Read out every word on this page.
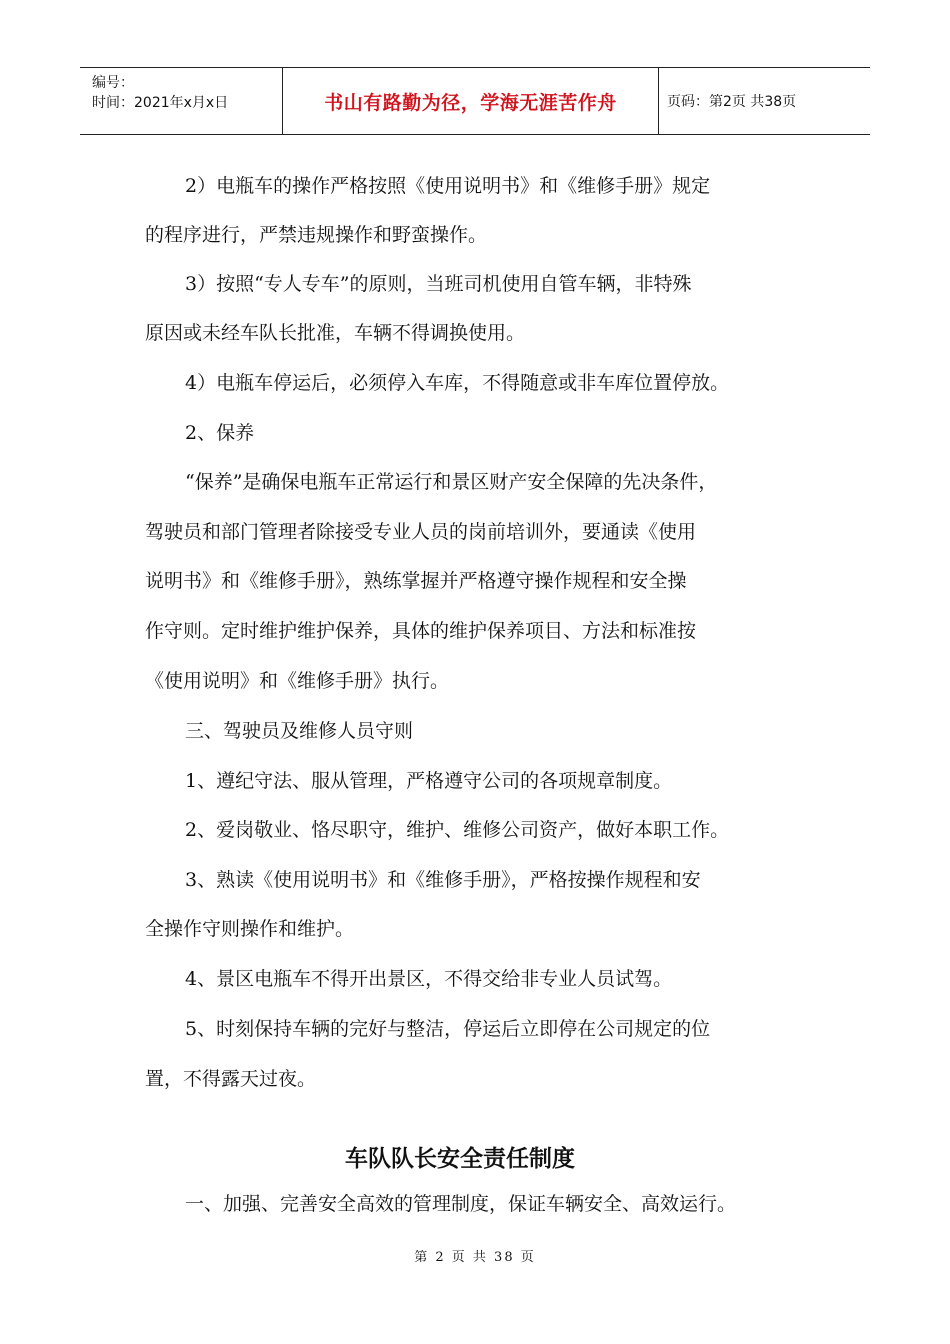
编号：
时间：2021年x月x日	书山有路勤为径，学海无涯苦作舟	页码：第2页 共38页
2）电瓶车的操作严格按照《使用说明书》和《维修手册》规定
的程序进行，严禁违规操作和野蛮操作。
3）按照“专人专车”的原则，当班司机使用自管车辆，非特殊
原因或未经车队长批准，车辆不得调换使用。
4）电瓶车停运后，必须停入车库，不得随意或非车库位置停放。
2、保养
“保养”是确保电瓶车正常运行和景区财产安全保障的先决条件，
驾驶员和部门管理者除接受专业人员的岗前培训外，要通读《使用
说明书》和《维修手册》，熟练掌握并严格遵守操作规程和安全操
作守则。定时维护维护保养，具体的维护保养项目、方法和标准按
《使用说明》和《维修手册》执行。
三、驾驶员及维修人员守则
1、遵纪守法、服从管理，严格遵守公司的各项规章制度。
2、爱岗敬业、恪尽职守，维护、维修公司资产，做好本职工作。
3、熟读《使用说明书》和《维修手册》，严格按操作规程和安
全操作守则操作和维护。
4、景区电瓶车不得开出景区，不得交给非专业人员试驾。
5、时刻保持车辆的完好与整洁，停运后立即停在公司规定的位
置，不得露天过夜。
车队队长安全责任制度
一、加强、完善安全高效的管理制度，保证车辆安全、高效运行。
第 2 页 共 38 页
